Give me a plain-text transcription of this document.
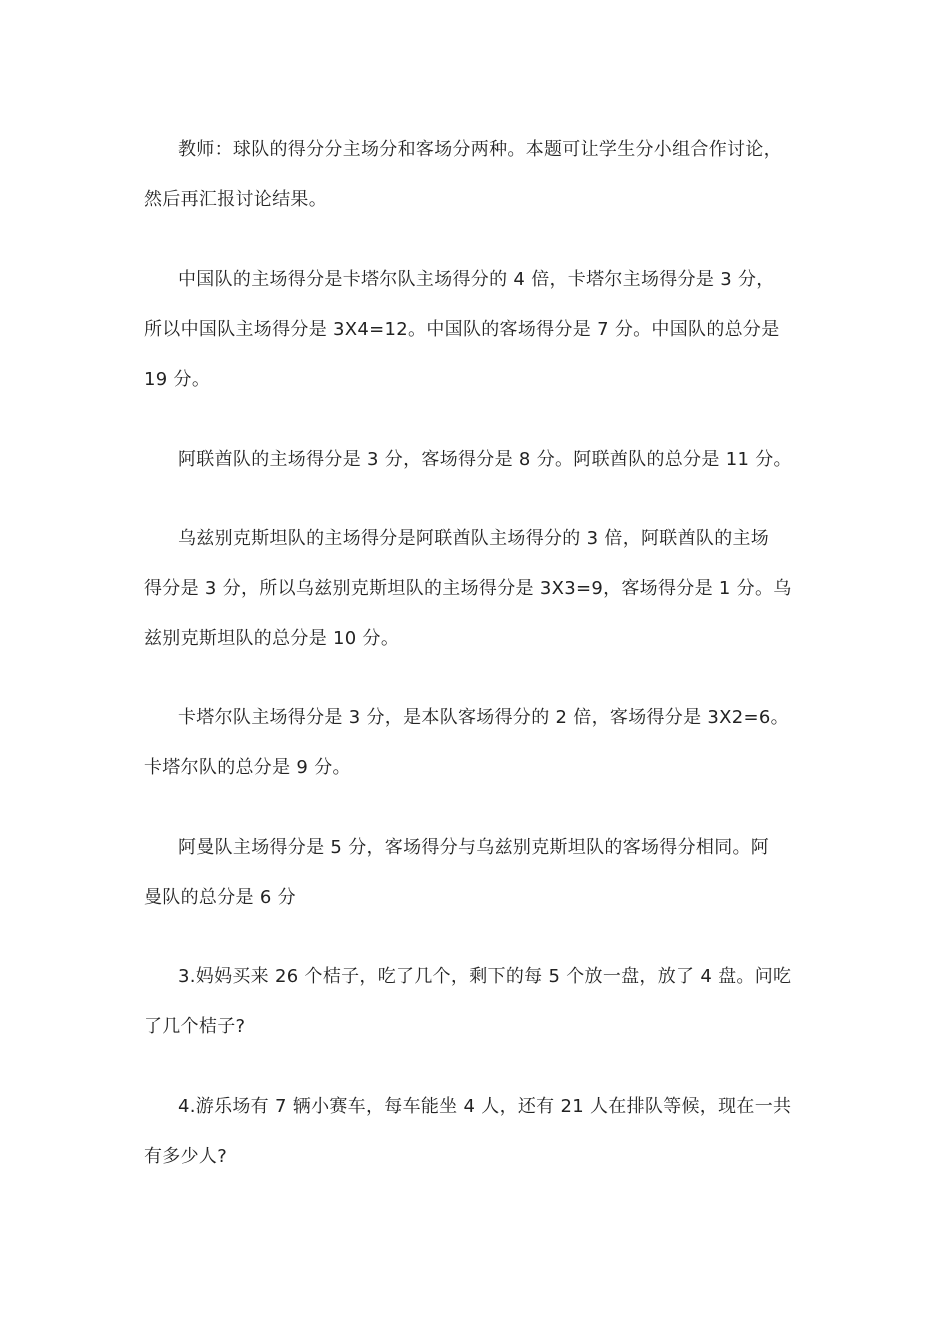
教师：球队的得分分主场分和客场分两种。本题可让学生分小组合作讨论，
然后再汇报讨论结果。
中国队的主场得分是卡塔尔队主场得分的 4 倍，卡塔尔主场得分是 3 分，
所以中国队主场得分是 3X4=12。中国队的客场得分是 7 分。中国队的总分是
19 分。
阿联酋队的主场得分是 3 分，客场得分是 8 分。阿联酋队的总分是 11 分。
乌兹别克斯坦队的主场得分是阿联酋队主场得分的 3 倍，阿联酋队的主场
得分是 3 分，所以乌兹别克斯坦队的主场得分是 3X3=9，客场得分是 1 分。乌
兹别克斯坦队的总分是 10 分。
卡塔尔队主场得分是 3 分，是本队客场得分的 2 倍，客场得分是 3X2=6。
卡塔尔队的总分是 9 分。
阿曼队主场得分是 5 分，客场得分与乌兹别克斯坦队的客场得分相同。阿
曼队的总分是 6 分
3.妈妈买来 26 个桔子，吃了几个，剩下的每 5 个放一盘，放了 4 盘。问吃
了几个桔子?
4.游乐场有 7 辆小赛车，每车能坐 4 人，还有 21 人在排队等候，现在一共
有多少人?
